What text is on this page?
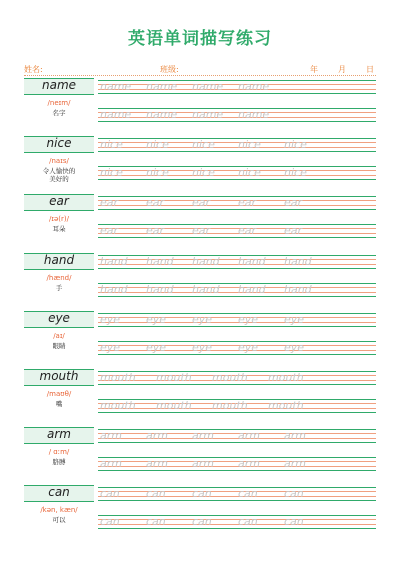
英语单词描写练习
姓名:	班级:	年	月	日
name
/neɪm/
名字
name	name	name	name
name	name	name	name
nice
/naɪs/
令人愉快的
美好的
nice	nice	nice	nice	nice
nice	nice	nice	nice	nice
ear
/ɪə(r)/
耳朵
ear	ear	ear	ear	ear
ear	ear	ear	ear	ear
hand
/hænd/
手
hand	hand	hand	hand	hand
hand	hand	hand	hand	hand
eye
/aɪ/
眼睛
eye	eye	eye	eye	eye
eye	eye	eye	eye	eye
mouth
/maʊθ/
嘴
mouth	mouth	mouth	mouth
mouth	mouth	mouth	mouth
arm
/ ɑːm/
胳膊
arm	arm	arm	arm	arm
arm	arm	arm	arm	arm
can
/kən, kæn/
可以
can	can	can	can	can
can	can	can	can	can
